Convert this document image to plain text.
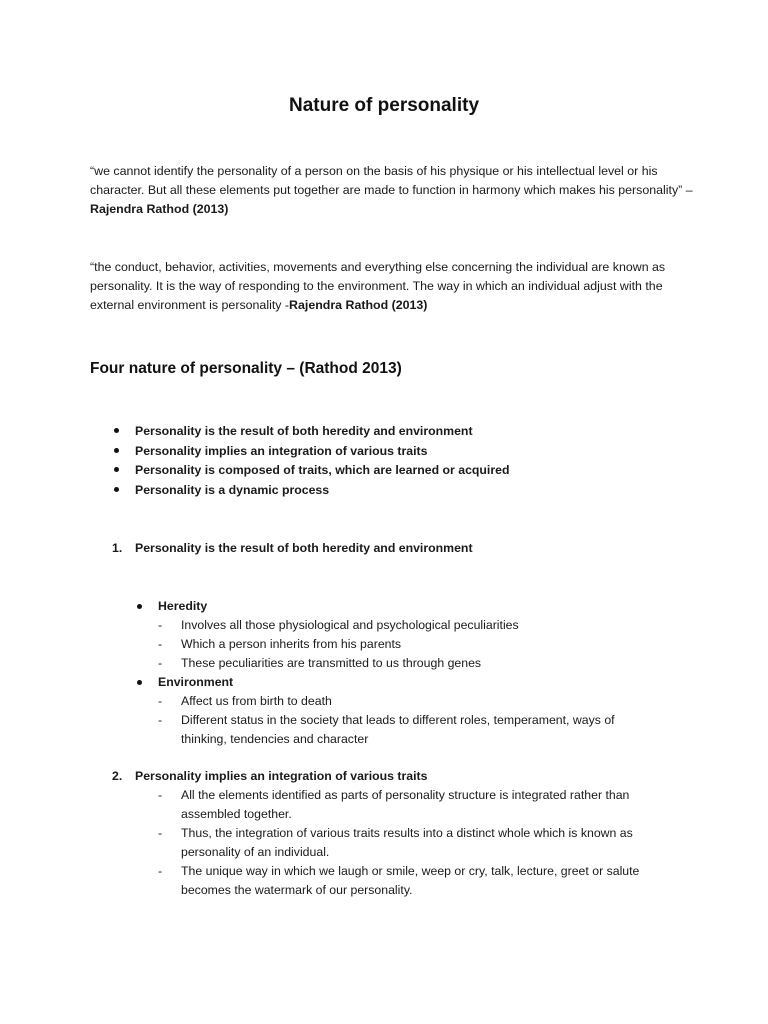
Nature of personality
“we cannot identify the personality of a person on the basis of his physique or his intellectual level or his character. But all these elements put together are made to function in harmony which makes his personality” – Rajendra Rathod (2013)
“the conduct, behavior, activities, movements and everything else concerning the individual are known as personality. It is the way of responding to the environment. The way in which an individual adjust with the external environment is personality -Rajendra Rathod (2013)
Four nature of personality – (Rathod 2013)
Personality is the result of both heredity and environment
Personality implies an integration of various traits
Personality is composed of traits, which are learned or acquired
Personality is a dynamic process
1. Personality is the result of both heredity and environment
Heredity
- Involves all those physiological and psychological peculiarities
- Which a person inherits from his parents
- These peculiarities are transmitted to us through genes
Environment
- Affect us from birth to death
- Different status in the society that leads to different roles, temperament, ways of thinking, tendencies and character
2. Personality implies an integration of various traits
- All the elements identified as parts of personality structure is integrated rather than assembled together.
- Thus, the integration of various traits results into a distinct whole which is known as personality of an individual.
- The unique way in which we laugh or smile, weep or cry, talk, lecture, greet or salute becomes the watermark of our personality.
